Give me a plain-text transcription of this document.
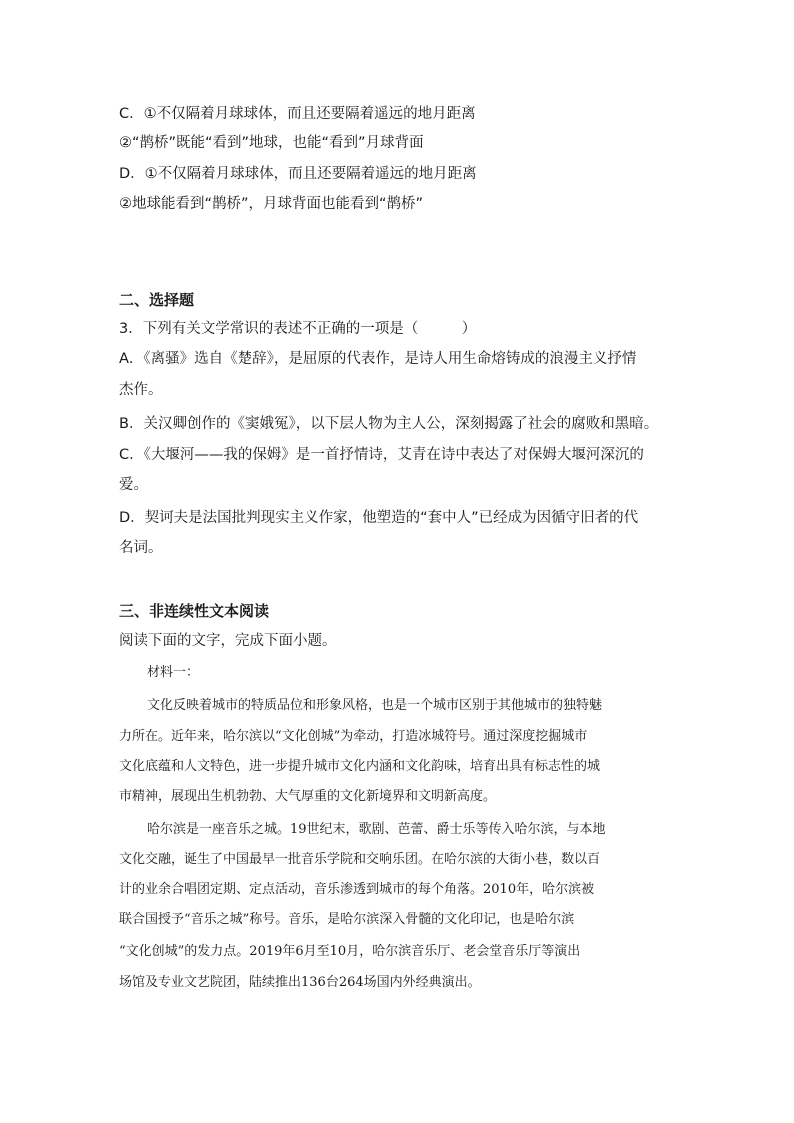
C．①不仅隔着月球球体，而且还要隔着遥远的地月距离

②“鹊桥”既能“看到”地球，也能“看到”月球背面

D．①不仅隔着月球球体，而且还要隔着遥远的地月距离

②地球能看到“鹊桥”，月球背面也能看到“鹊桥”

二、选择题

3．下列有关文学常识的表述不正确的一项是（　　　）

A．《离骚》选自《楚辞》，是屈原的代表作，是诗人用生命熔铸成的浪漫主义抒情

杰作。

B．关汉卿创作的《窦娥冤》，以下层人物为主人公，深刻揭露了社会的腐败和黑暗。

C．《大堰河——我的保姆》是一首抒情诗，艾青在诗中表达了对保姆大堰河深沉的

爱。

D．契诃夫是法国批判现实主义作家，他塑造的“套中人”已经成为因循守旧者的代

名词。

三、非连续性文本阅读

阅读下面的文字，完成下面小题。

材料一：

文化反映着城市的特质品位和形象风格，也是一个城市区别于其他城市的独特魅

力所在。近年来，哈尔滨以“文化创城”为牵动，打造冰城符号。通过深度挖掘城市

文化底蕴和人文特色，进一步提升城市文化内涵和文化韵味，培育出具有标志性的城

市精神，展现出生机勃勃、大气厚重的文化新境界和文明新高度。

哈尔滨是一座音乐之城。19世纪末，歌剧、芭蕾、爵士乐等传入哈尔滨，与本地

文化交融，诞生了中国最早一批音乐学院和交响乐团。在哈尔滨的大街小巷，数以百

计的业余合唱团定期、定点活动，音乐渗透到城市的每个角落。2010年，哈尔滨被

联合国授予“音乐之城”称号。音乐，是哈尔滨深入骨髓的文化印记，也是哈尔滨

“文化创城”的发力点。2019年6月至10月，哈尔滨音乐厅、老会堂音乐厅等演出

场馆及专业文艺院团，陆续推出136台264场国内外经典演出。
